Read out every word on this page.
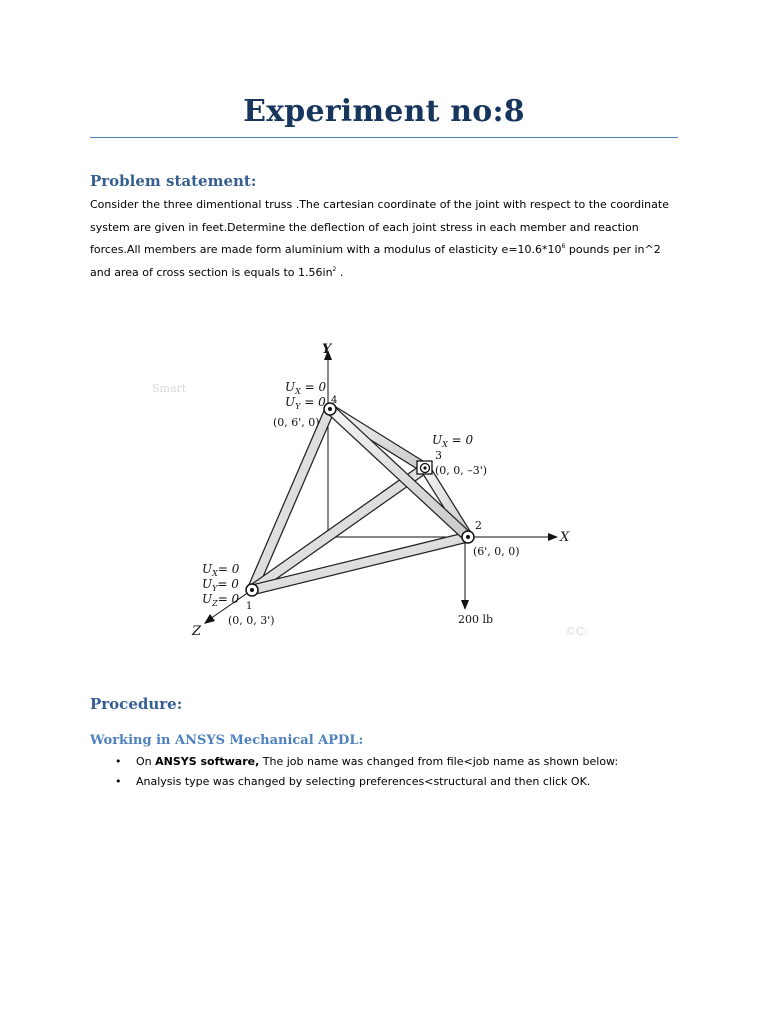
Experiment no:8
Problem statement:

Consider the three dimentional truss .The cartesian coordinate of the joint with respect to the coordinate system are given in feet.Determine the deflection of each joint stress in each member and reaction forces.All members are made form aluminium with a modulus of elasticity $e=10.6*10^6$ pounds per in^2 and area of cross section is equals to $1.56in^2$ .

Y
X
Z
$U_X = 0$
$U_Y = 0$ 4
(0, 6', 0)
$U_X = 0$
3
(0, 0, –3')
2
(6', 0, 0)
$U_X= 0$
$U_Y= 0$
$U_Z= 0$
1
(0, 0, 3')	200 lb
Smart
©C:
Procedure:
Working in ANSYS Mechanical APDL:
• On ANSYS software, The job name was changed from file<job name as shown below:
• Analysis type was changed by selecting preferences<structural and then click OK.
